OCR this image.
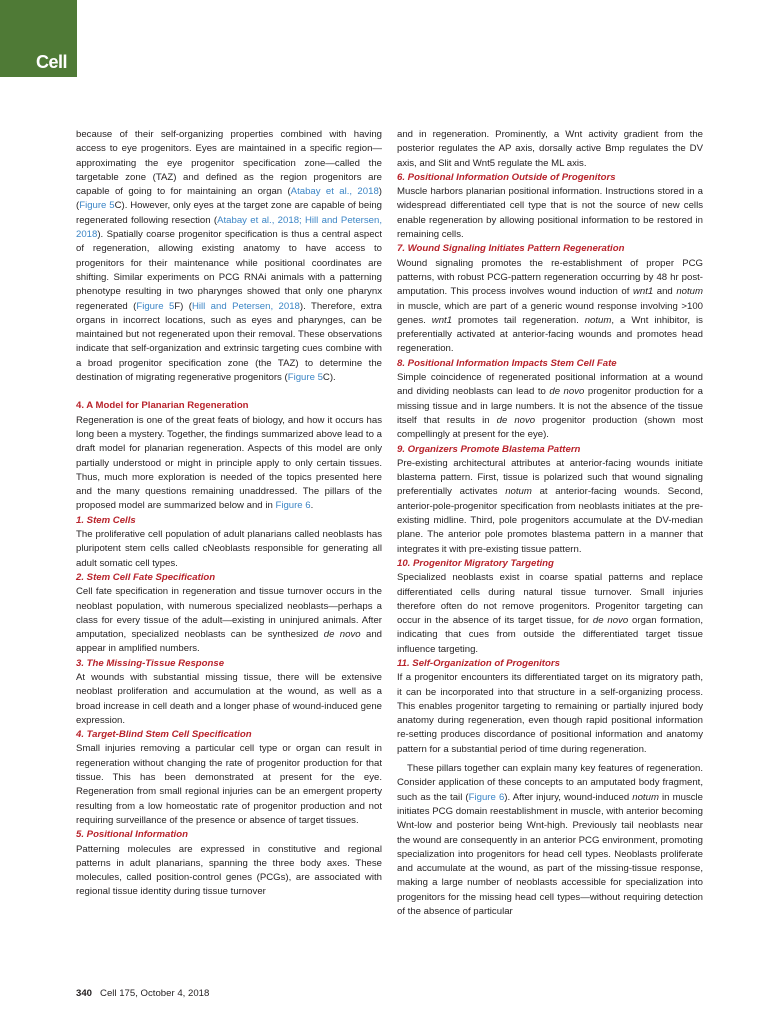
Cell

because of their self-organizing properties combined with having access to eye progenitors. Eyes are maintained in a specific region—approximating the eye progenitor specification zone—called the targetable zone (TAZ) and defined as the region progenitors are capable of going to for maintaining an organ (Atabay et al., 2018) (Figure 5C). However, only eyes at the target zone are capable of being regenerated following resection (Atabay et al., 2018; Hill and Petersen, 2018). Spatially coarse progenitor specification is thus a central aspect of regeneration, allowing existing anatomy to have access to progenitors for their maintenance while positional coordinates are shifting. Similar experiments on PCG RNAi animals with a patterning phenotype resulting in two pharynges showed that only one pharynx regenerated (Figure 5F) (Hill and Petersen, 2018). Therefore, extra organs in incorrect locations, such as eyes and pharynges, can be maintained but not regenerated upon their removal. These observations indicate that self-organization and extrinsic targeting cues combine with a broad progenitor specification zone (the TAZ) to determine the destination of migrating regenerative progenitors (Figure 5C).

4. A Model for Planarian Regeneration

Regeneration is one of the great feats of biology, and how it occurs has long been a mystery. Together, the findings summarized above lead to a draft model for planarian regeneration. Aspects of this model are only partially understood or might in principle apply to only certain tissues. Thus, much more exploration is needed of the topics presented here and the many questions remaining unaddressed. The pillars of the proposed model are summarized below and in Figure 6.

1. Stem Cells

The proliferative cell population of adult planarians called neoblasts has pluripotent stem cells called cNeoblasts responsible for generating all adult somatic cell types.

2. Stem Cell Fate Specification

Cell fate specification in regeneration and tissue turnover occurs in the neoblast population, with numerous specialized neoblasts—perhaps a class for every tissue of the adult—existing in uninjured animals. After amputation, specialized neoblasts can be synthesized de novo and appear in amplified numbers.

3. The Missing-Tissue Response

At wounds with substantial missing tissue, there will be extensive neoblast proliferation and accumulation at the wound, as well as a broad increase in cell death and a longer phase of wound-induced gene expression.

4. Target-Blind Stem Cell Specification

Small injuries removing a particular cell type or organ can result in regeneration without changing the rate of progenitor production for that tissue. This has been demonstrated at present for the eye. Regeneration from small regional injuries can be an emergent property resulting from a low homeostatic rate of progenitor production and not requiring surveillance of the presence or absence of target tissues.

5. Positional Information

Patterning molecules are expressed in constitutive and regional patterns in adult planarians, spanning the three body axes. These molecules, called position-control genes (PCGs), are associated with regional tissue identity during tissue turnover

and in regeneration. Prominently, a Wnt activity gradient from the posterior regulates the AP axis, dorsally active Bmp regulates the DV axis, and Slit and Wnt5 regulate the ML axis.

6. Positional Information Outside of Progenitors

Muscle harbors planarian positional information. Instructions stored in a widespread differentiated cell type that is not the source of new cells enable regeneration by allowing positional information to be restored in remaining cells.

7. Wound Signaling Initiates Pattern Regeneration

Wound signaling promotes the re-establishment of proper PCG patterns, with robust PCG-pattern regeneration occurring by 48 hr post-amputation. This process involves wound induction of wnt1 and notum in muscle, which are part of a generic wound response involving >100 genes. wnt1 promotes tail regeneration. notum, a Wnt inhibitor, is preferentially activated at anterior-facing wounds and promotes head regeneration.

8. Positional Information Impacts Stem Cell Fate

Simple coincidence of regenerated positional information at a wound and dividing neoblasts can lead to de novo progenitor production for a missing tissue and in large numbers. It is not the absence of the tissue itself that results in de novo progenitor production (shown most compellingly at present for the eye).

9. Organizers Promote Blastema Pattern

Pre-existing architectural attributes at anterior-facing wounds initiate blastema pattern. First, tissue is polarized such that wound signaling preferentially activates notum at anterior-facing wounds. Second, anterior-pole-progenitor specification from neoblasts initiates at the pre-existing midline. Third, pole progenitors accumulate at the DV-median plane. The anterior pole promotes blastema pattern in a manner that integrates it with pre-existing tissue pattern.

10. Progenitor Migratory Targeting

Specialized neoblasts exist in coarse spatial patterns and replace differentiated cells during natural tissue turnover. Small injuries therefore often do not remove progenitors. Progenitor targeting can occur in the absence of its target tissue, for de novo organ formation, indicating that cues from outside the differentiated target tissue influence targeting.

11. Self-Organization of Progenitors

If a progenitor encounters its differentiated target on its migratory path, it can be incorporated into that structure in a self-organizing process. This enables progenitor targeting to remaining or partially injured body anatomy during regeneration, even though rapid positional information re-setting produces discordance of positional information and anatomy pattern for a substantial period of time during regeneration.

These pillars together can explain many key features of regeneration. Consider application of these concepts to an amputated body fragment, such as the tail (Figure 6). After injury, wound-induced notum in muscle initiates PCG domain reestablishment in muscle, with anterior becoming Wnt-low and posterior being Wnt-high. Previously tail neoblasts near the wound are consequently in an anterior PCG environment, promoting specialization into progenitors for head cell types. Neoblasts proliferate and accumulate at the wound, as part of the missing-tissue response, making a large number of neoblasts accessible for specialization into progenitors for the missing head cell types—without requiring detection of the absence of particular

340 Cell 175, October 4, 2018
